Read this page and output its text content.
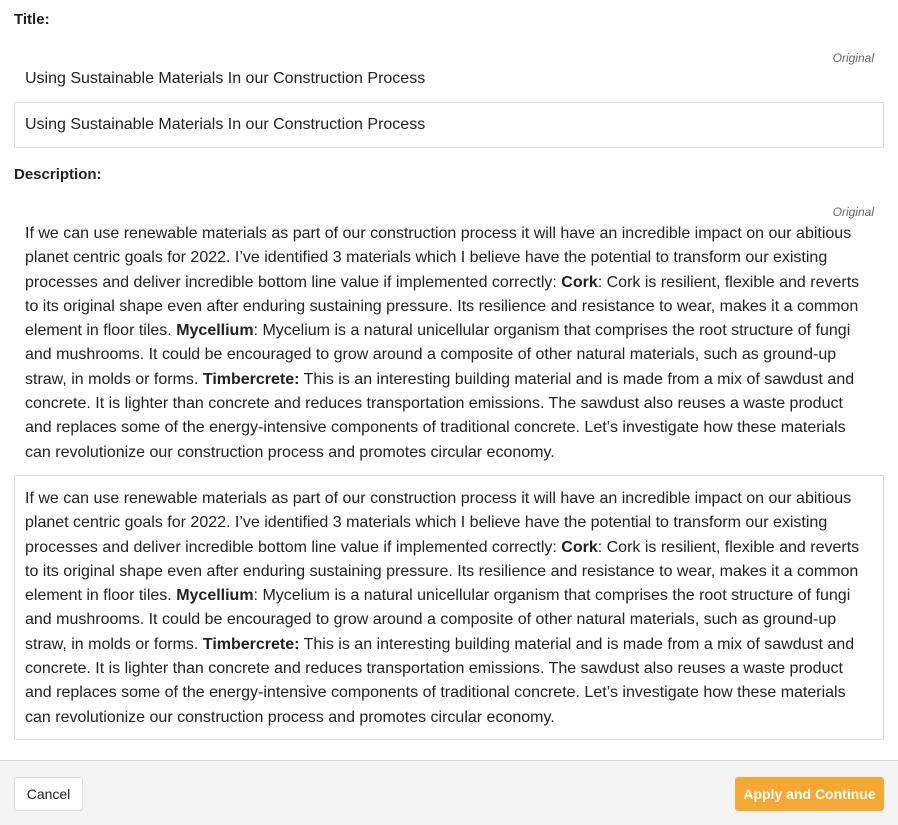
Title:
Original
Using Sustainable Materials In our Construction Process
Using Sustainable Materials In our Construction Process
Description:
Original
If we can use renewable materials as part of our construction process it will have an incredible impact on our abitious planet centric goals for 2022. I’ve identified 3 materials which I believe have the potential to transform our existing processes and deliver incredible bottom line value if implemented correctly: Cork: Cork is resilient, flexible and reverts to its original shape even after enduring sustaining pressure. Its resilience and resistance to wear, makes it a common element in floor tiles. Mycellium: Mycelium is a natural unicellular organism that comprises the root structure of fungi and mushrooms. It could be encouraged to grow around a composite of other natural materials, such as ground-up straw, in molds or forms. Timbercrete: This is an interesting building material and is made from a mix of sawdust and concrete. It is lighter than concrete and reduces transportation emissions. The sawdust also reuses a waste product and replaces some of the energy-intensive components of traditional concrete. Let’s investigate how these materials can revolutionize our construction process and promotes circular economy.
If we can use renewable materials as part of our construction process it will have an incredible impact on our abitious planet centric goals for 2022. I’ve identified 3 materials which I believe have the potential to transform our existing processes and deliver incredible bottom line value if implemented correctly: Cork: Cork is resilient, flexible and reverts to its original shape even after enduring sustaining pressure. Its resilience and resistance to wear, makes it a common element in floor tiles. Mycellium: Mycelium is a natural unicellular organism that comprises the root structure of fungi and mushrooms. It could be encouraged to grow around a composite of other natural materials, such as ground-up straw, in molds or forms. Timbercrete: This is an interesting building material and is made from a mix of sawdust and concrete. It is lighter than concrete and reduces transportation emissions. The sawdust also reuses a waste product and replaces some of the energy-intensive components of traditional concrete. Let’s investigate how these materials can revolutionize our construction process and promotes circular economy.
Cancel	Apply and Continue
